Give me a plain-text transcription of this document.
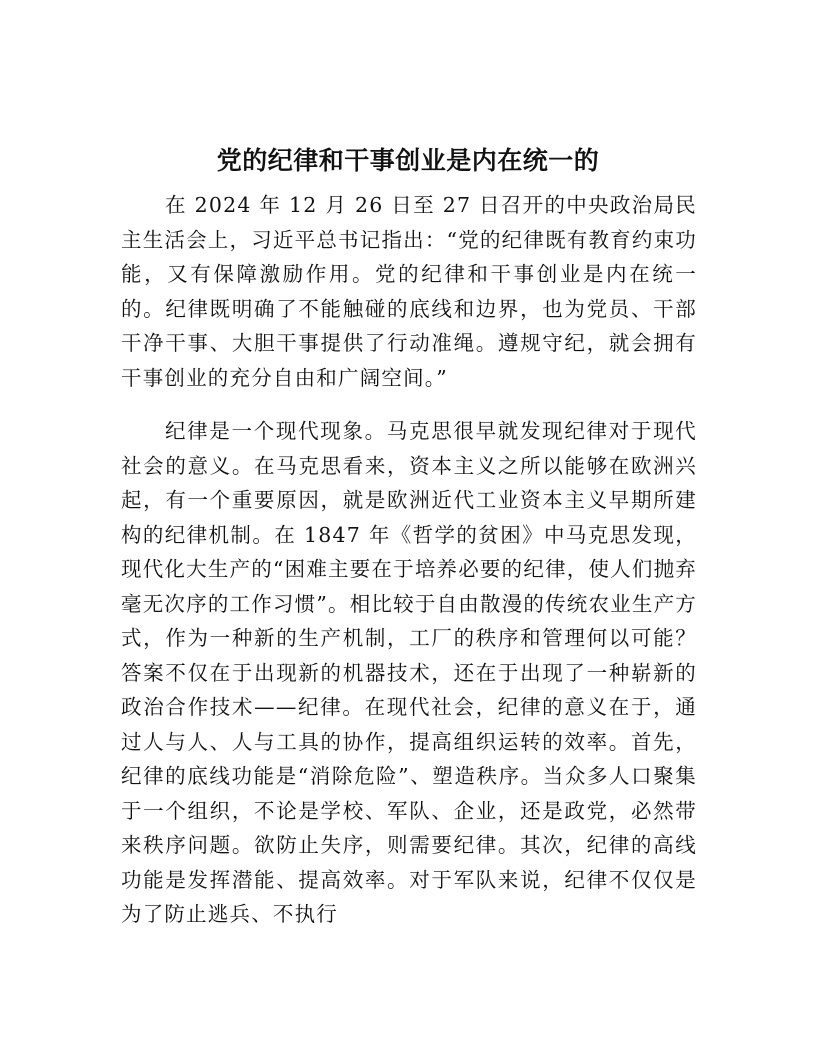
党的纪律和干事创业是内在统一的

在 2024 年 12 月 26 日至 27 日召开的中央政治局民主生活会上，习近平总书记指出：“党的纪律既有教育约束功能，又有保障激励作用。党的纪律和干事创业是内在统一的。纪律既明确了不能触碰的底线和边界，也为党员、干部干净干事、大胆干事提供了行动准绳。遵规守纪，就会拥有干事创业的充分自由和广阔空间。”

纪律是一个现代现象。马克思很早就发现纪律对于现代社会的意义。在马克思看来，资本主义之所以能够在欧洲兴起，有一个重要原因，就是欧洲近代工业资本主义早期所建构的纪律机制。在 1847 年《哲学的贫困》中马克思发现，现代化大生产的“困难主要在于培养必要的纪律，使人们抛弃毫无次序的工作习惯”。相比较于自由散漫的传统农业生产方式，作为一种新的生产机制，工厂的秩序和管理何以可能？答案不仅在于出现新的机器技术，还在于出现了一种崭新的政治合作技术——纪律。在现代社会，纪律的意义在于，通过人与人、人与工具的协作，提高组织运转的效率。首先，纪律的底线功能是“消除危险”、塑造秩序。当众多人口聚集于一个组织，不论是学校、军队、企业，还是政党，必然带来秩序问题。欲防止失序，则需要纪律。其次，纪律的高线功能是发挥潜能、提高效率。对于军队来说，纪律不仅仅是为了防止逃兵、不执行
